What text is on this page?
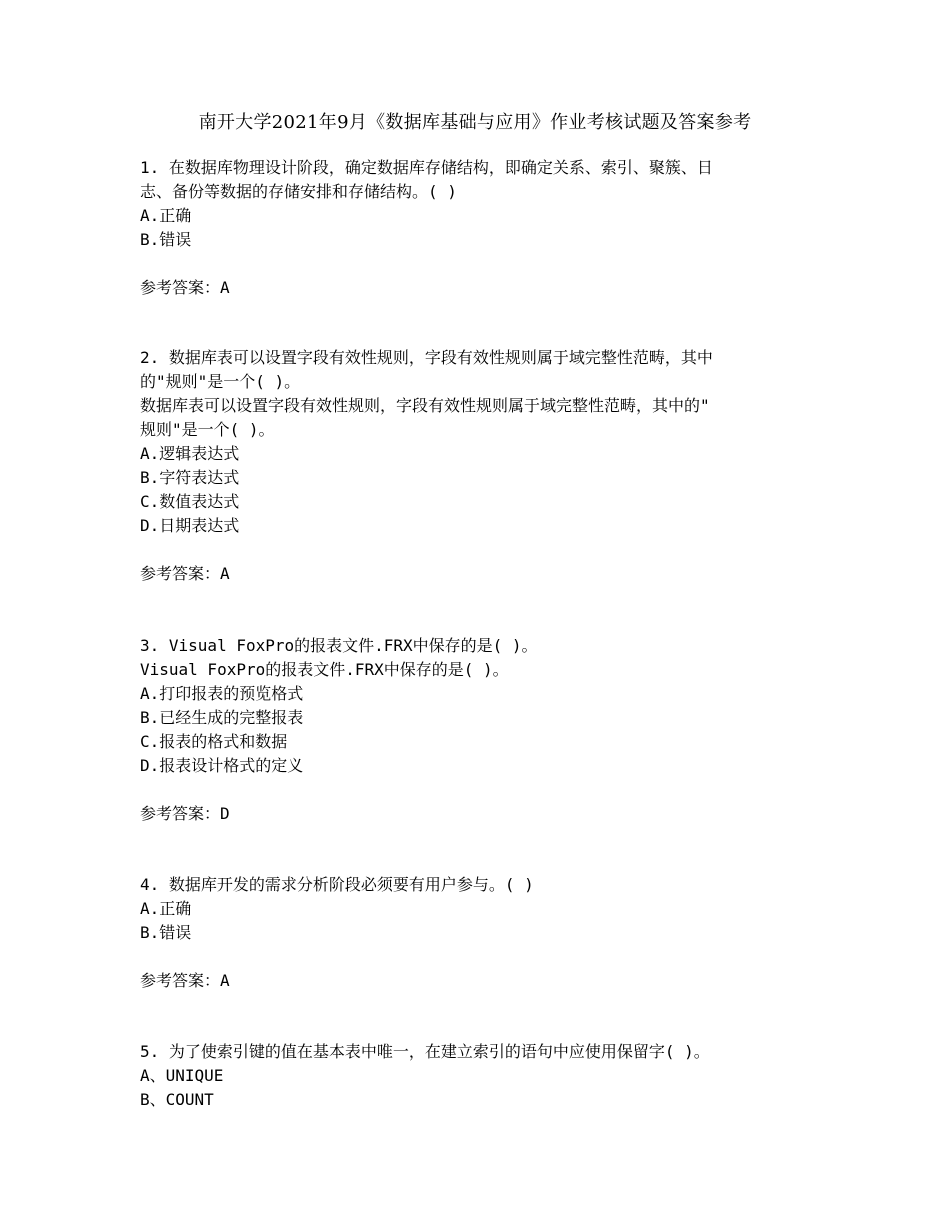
南开大学2021年9月《数据库基础与应用》作业考核试题及答案参考
1. 在数据库物理设计阶段，确定数据库存储结构，即确定关系、索引、聚簇、日
志、备份等数据的存储安排和存储结构。( )
A.正确
B.错误
参考答案：A
2. 数据库表可以设置字段有效性规则，字段有效性规则属于域完整性范畴，其中
的"规则"是一个( )。
数据库表可以设置字段有效性规则，字段有效性规则属于域完整性范畴，其中的"
规则"是一个( )。
A.逻辑表达式
B.字符表达式
C.数值表达式
D.日期表达式
参考答案：A
3. Visual FoxPro的报表文件.FRX中保存的是( )。
Visual FoxPro的报表文件.FRX中保存的是( )。
A.打印报表的预览格式
B.已经生成的完整报表
C.报表的格式和数据
D.报表设计格式的定义
参考答案：D
4. 数据库开发的需求分析阶段必须要有用户参与。( )
A.正确
B.错误
参考答案：A
5. 为了使索引键的值在基本表中唯一，在建立索引的语句中应使用保留字( )。
A、UNIQUE
B、COUNT
